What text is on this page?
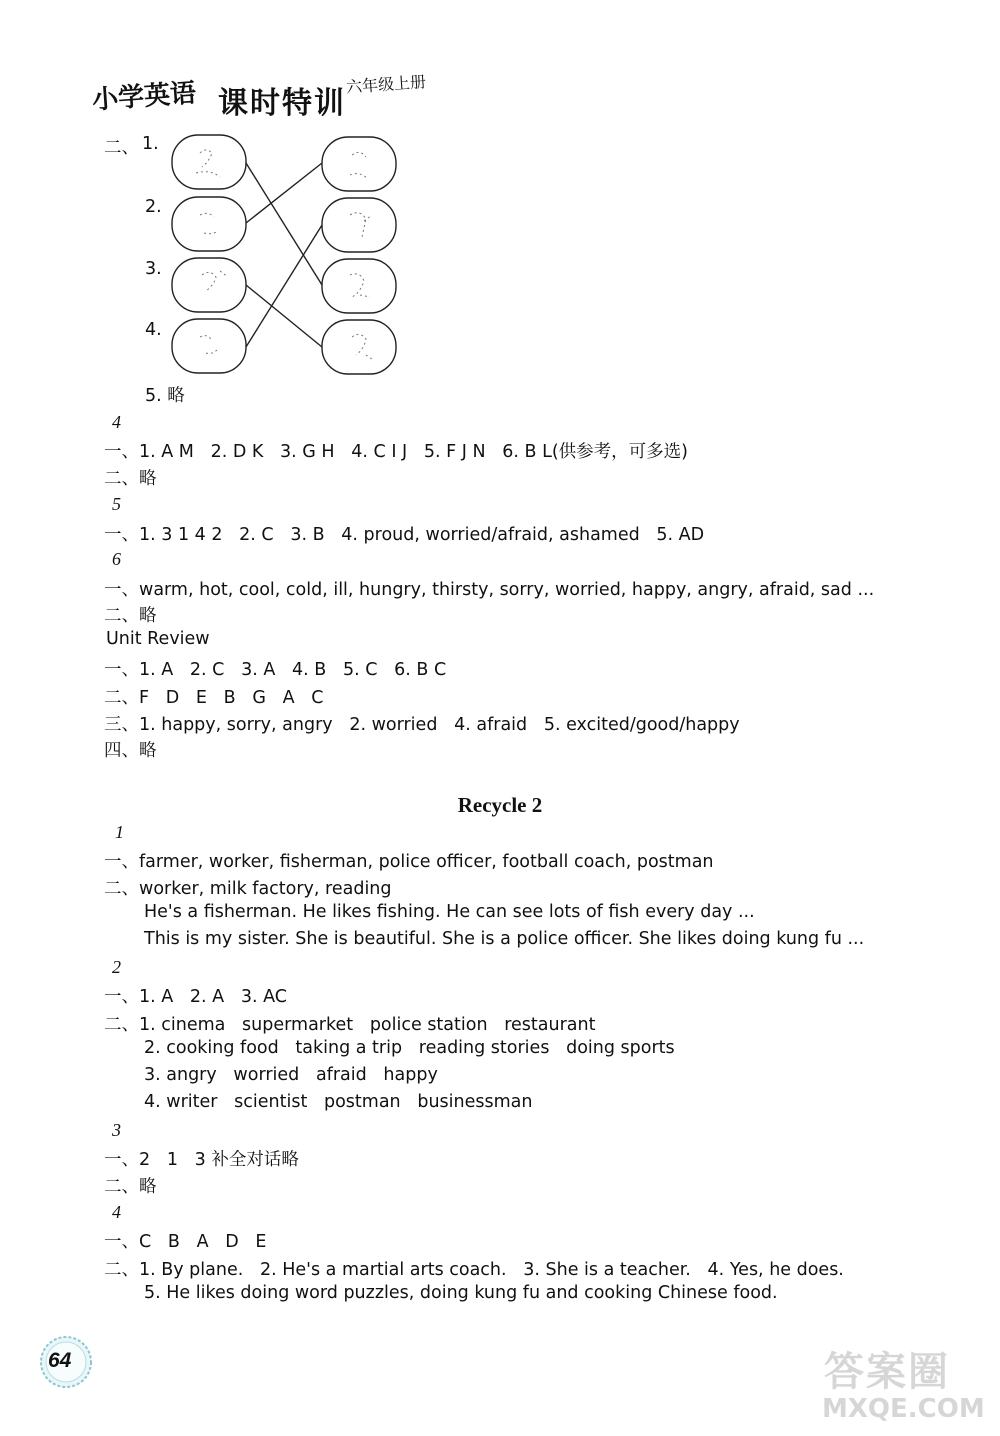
小学英语 课时特训
六年级上册
二、 1.
2.
3.
4.
5. 略
4
一、1. A M   2. D K   3. G H   4. C I J   5. F J N   6. B L(供参考，可多选)
二、略
5
一、1. 3 1 4 2   2. C   3. B   4. proud, worried/afraid, ashamed   5. AD
6
一、warm, hot, cool, cold, ill, hungry, thirsty, sorry, worried, happy, angry, afraid, sad ...
二、略
Unit Review
一、1. A   2. C   3. A   4. B   5. C   6. B C
二、F   D   E   B   G   A   C
三、1. happy, sorry, angry   2. worried   4. afraid   5. excited/good/happy
四、略
1
一、farmer, worker, fisherman, police officer, football coach, postman
二、worker, milk factory, reading
He's a fisherman. He likes fishing. He can see lots of fish every day ...
This is my sister. She is beautiful. She is a police officer. She likes doing kung fu ...
2
一、1. A   2. A   3. AC
二、1. cinema   supermarket   police station   restaurant
2. cooking food   taking a trip   reading stories   doing sports
3. angry   worried   afraid   happy
4. writer   scientist   postman   businessman
3
一、2   1   3 补全对话略
二、略
4
一、C   B   A   D   E
二、1. By plane.   2. He's a martial arts coach.   3. She is a teacher.   4. Yes, he does.
5. He likes doing word puzzles, doing kung fu and cooking Chinese food.
Recycle 2
64	答案圈
MXQE.COM
